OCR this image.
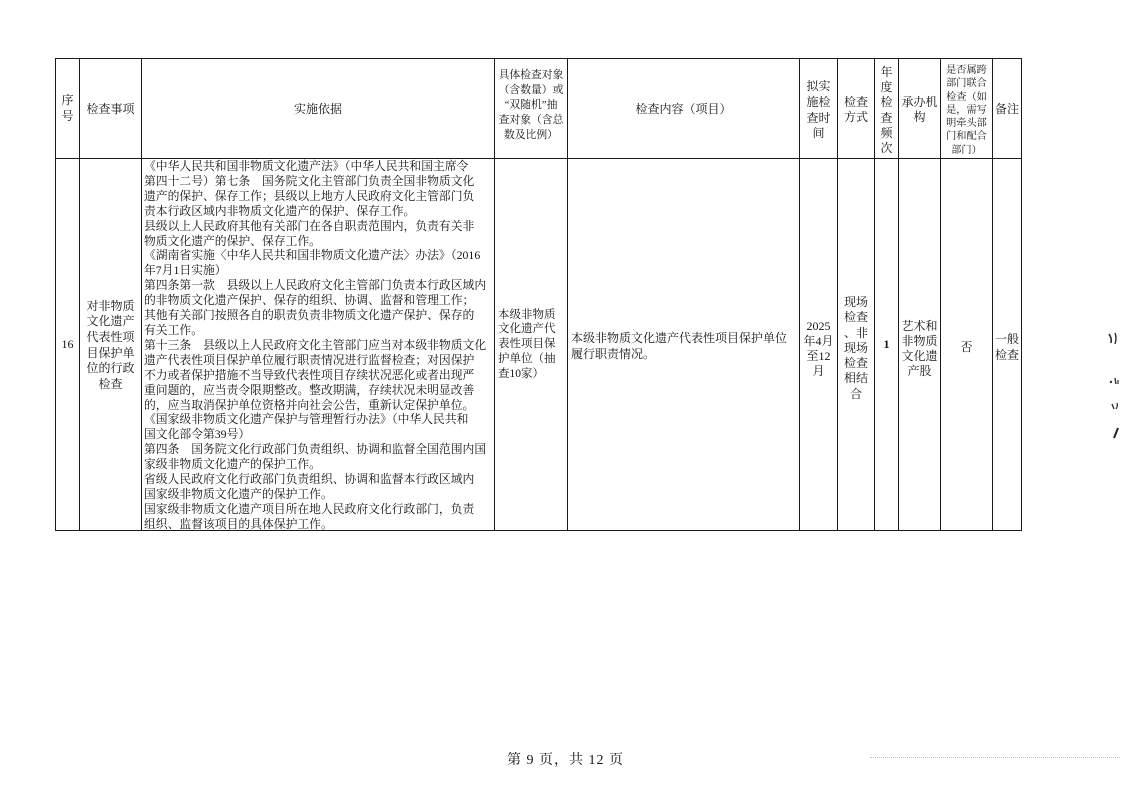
序
号 检查事项	实施依据
具体检查对象
（含数量）或
“双随机”抽
查对象（含总
数及比例）
检查内容（项目）
拟实
施检
查时
间
检查
方式
年
度
检
查
频
次
承办机
构
是否属跨
部门联合
检查（如
是，需写
明牵头部
门和配合
部门）
备注
16
对非物质
文化遗产
代表性项
目保护单
位的行政
检查
《中华人民共和国非物质文化遗产法》（中华人民共和国主席令
第四十二号）第七条　国务院文化主管部门负责全国非物质文化
遗产的保护、保存工作；县级以上地方人民政府文化主管部门负
责本行政区域内非物质文化遗产的保护、保存工作。
县级以上人民政府其他有关部门在各自职责范围内，负责有关非
物质文化遗产的保护、保存工作。
《湖南省实施〈中华人民共和国非物质文化遗产法〉办法》（2016
年7月1日实施）
第四条第一款　县级以上人民政府文化主管部门负责本行政区域内
的非物质文化遗产保护、保存的组织、协调、监督和管理工作；
其他有关部门按照各自的职责负责非物质文化遗产保护、保存的
有关工作。
第十三条　县级以上人民政府文化主管部门应当对本级非物质文化
遗产代表性项目保护单位履行职责情况进行监督检查；对因保护
不力或者保护措施不当导致代表性项目存续状况恶化或者出现严
重问题的，应当责令限期整改。整改期满，存续状况未明显改善
的，应当取消保护单位资格并向社会公告，重新认定保护单位。
《国家级非物质文化遗产保护与管理暂行办法》（中华人民共和
国文化部令第39号）
第四条　国务院文化行政部门负责组织、协调和监督全国范围内国
家级非物质文化遗产的保护工作。
省级人民政府文化行政部门负责组织、协调和监督本行政区域内
国家级非物质文化遗产的保护工作。
国家级非物质文化遗产项目所在地人民政府文化行政部门，负责
组织、监督该项目的具体保护工作。
本级非物质
文化遗产代
表性项目保
护单位（抽
查10家）
本级非物质文化遗产代表性项目保护单位
履行职责情况。
2025
年4月
至12
月
现场
检查
、非
现场
检查
相结
合
1
艺术和
非物质
文化遗
产股
否
一般
检查
第 9 页，共 12 页
